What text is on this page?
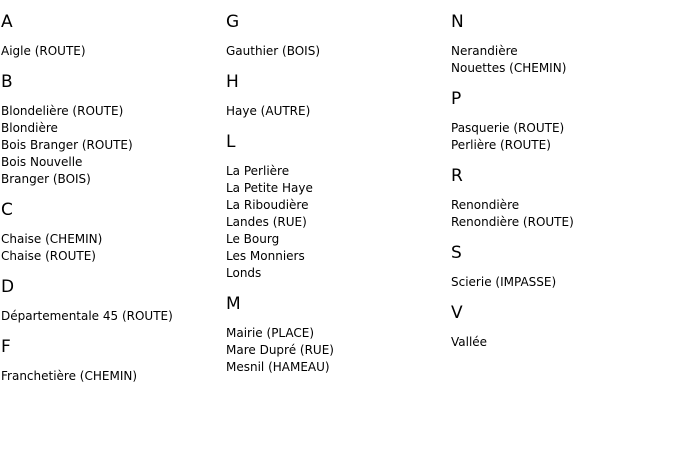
A
Aigle (ROUTE)
B
Blondelière (ROUTE)
Blondière
Bois Branger (ROUTE)
Bois Nouvelle
Branger (BOIS)
C
Chaise (CHEMIN)
Chaise (ROUTE)
D
Départementale 45 (ROUTE)
F
Franchetière (CHEMIN)
G
Gauthier (BOIS)
H
Haye (AUTRE)
L
La Perlière
La Petite Haye
La Riboudière
Landes (RUE)
Le Bourg
Les Monniers
Londs
M
Mairie (PLACE)
Mare Dupré (RUE)
Mesnil (HAMEAU)
N
Nerandière
Nouettes (CHEMIN)
P
Pasquerie (ROUTE)
Perlière (ROUTE)
R
Renondière
Renondière (ROUTE)
S
Scierie (IMPASSE)
V
Vallée
